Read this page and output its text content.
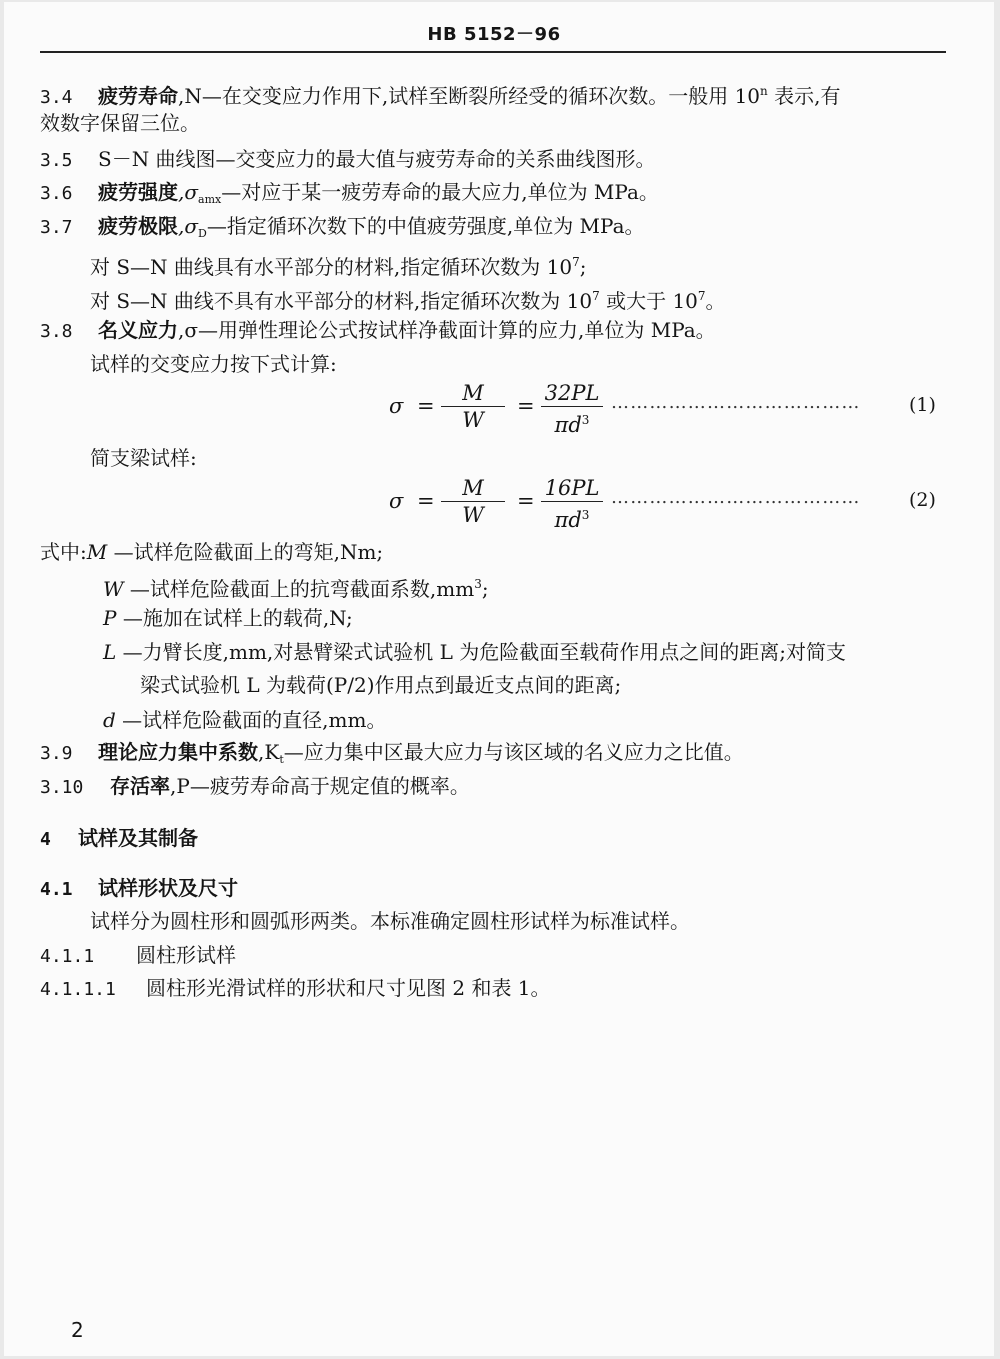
HB 5152－96
3.4 疲劳寿命,N—在交变应力作用下,试样至断裂所经受的循环次数。一般用 10$^n$ 表示,有
效数字保留三位。
3.5 S－N 曲线图—交变应力的最大值与疲劳寿命的关系曲线图形。
3.6 疲劳强度$,\sigma_{amx}—$对应于某一疲劳寿命的最大应力,单位为 MPa。
3.7 疲劳极限$,\sigma_D—$指定循环次数下的中值疲劳强度,单位为 MPa。
对 S—N 曲线具有水平部分的材料,指定循环次数为 $10^7$;
对 S—N 曲线不具有水平部分的材料,指定循环次数为 $10^7$ 或大于 $10^7$。
3.8 名义应力,σ—用弹性理论公式按试样净截面计算的应力,单位为 MPa。
试样的交变应力按下式计算:
σ =
M
W
=
32PL
$\pi d^3$
…………………………………	(1)
简支梁试样:
σ =
M
W
=
16PL
$\pi d^3$
…………………………………	(2)
式中:M —试样危险截面上的弯矩,Nm;
W —试样危险截面上的抗弯截面系数$,mm^3$;
P —施加在试样上的载荷,N;
L —力臂长度,mm,对悬臂梁式试验机 L 为危险截面至载荷作用点之间的距离;对简支
梁式试验机 L 为载荷(P/2)作用点到最近支点间的距离;
d —试样危险截面的直径,mm。
3.9 理论应力集中系数$,K_t—$应力集中区最大应力与该区域的名义应力之比值。
3.10 存活率,P—疲劳寿命高于规定值的概率。
4 试样及其制备
4.1 试样形状及尺寸
试样分为圆柱形和圆弧形两类。本标准确定圆柱形试样为标准试样。
4.1.1 圆柱形试样
4.1.1.1 圆柱形光滑试样的形状和尺寸见图 2 和表 1。
2
